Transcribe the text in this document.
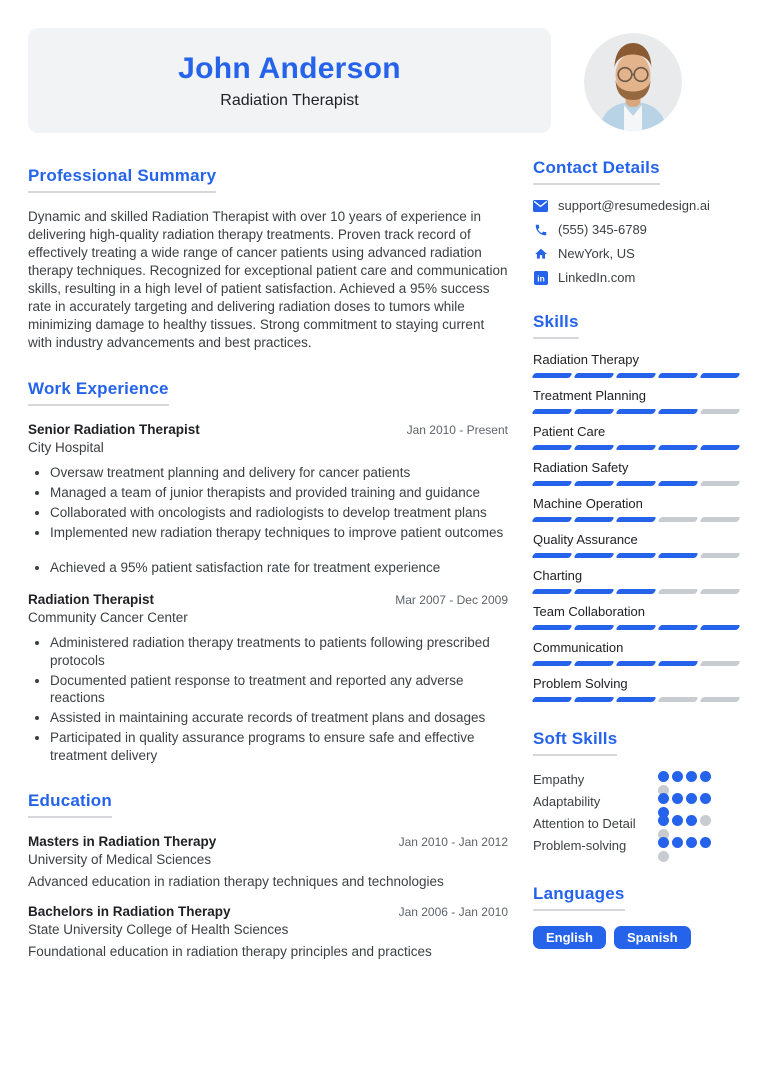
John Anderson
Radiation Therapist
Professional Summary
Dynamic and skilled Radiation Therapist with over 10 years of experience in delivering high-quality radiation therapy treatments. Proven track record of effectively treating a wide range of cancer patients using advanced radiation therapy techniques. Recognized for exceptional patient care and communication skills, resulting in a high level of patient satisfaction. Achieved a 95% success rate in accurately targeting and delivering radiation doses to tumors while minimizing damage to healthy tissues. Strong commitment to staying current with industry advancements and best practices.
Work Experience
Senior Radiation Therapist	Jan 2010 - Present
City Hospital
• Oversaw treatment planning and delivery for cancer patients
• Managed a team of junior therapists and provided training and guidance
• Collaborated with oncologists and radiologists to develop treatment plans
• Implemented new radiation therapy techniques to improve patient outcomes
• Achieved a 95% patient satisfaction rate for treatment experience
Radiation Therapist	Mar 2007 - Dec 2009
Community Cancer Center
• Administered radiation therapy treatments to patients following prescribed protocols
• Documented patient response to treatment and reported any adverse reactions
• Assisted in maintaining accurate records of treatment plans and dosages
• Participated in quality assurance programs to ensure safe and effective treatment delivery
Education
Masters in Radiation Therapy	Jan 2010 - Jan 2012
University of Medical Sciences
Advanced education in radiation therapy techniques and technologies
Bachelors in Radiation Therapy	Jan 2006 - Jan 2010
State University College of Health Sciences
Foundational education in radiation therapy principles and practices
Contact Details
support@resumedesign.ai
(555) 345-6789
NewYork, US
in LinkedIn.com
Skills
Radiation Therapy
Treatment Planning
Patient Care
Radiation Safety
Machine Operation
Quality Assurance
Charting
Team Collaboration
Communication
Problem Solving
Soft Skills
Empathy
Adaptability
Attention to Detail
Problem-solving
Languages
English	Spanish
